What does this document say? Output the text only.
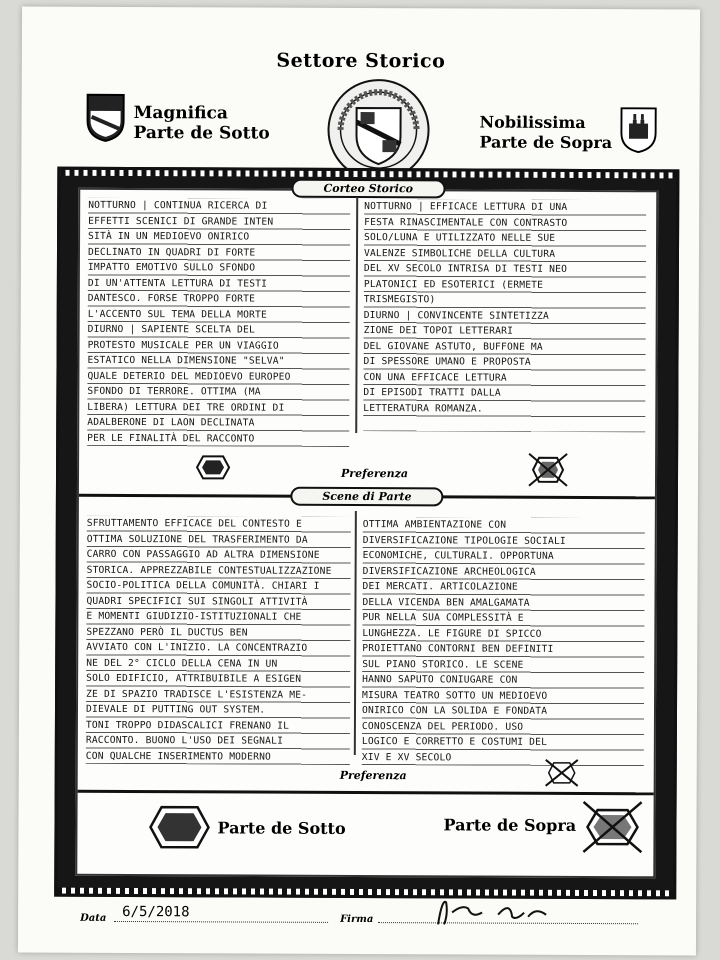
Settore Storico
Magnifica
Parte de Sotto
Nobilissima
Parte de Sopra
Corteo Storico
NOTTURNO | CONTINUA RICERCA DI
EFFETTI SCENICI DI GRANDE INTEN
SITÀ IN UN MEDIOEVO ONIRICO
DECLINATO IN QUADRI DI FORTE
IMPATTO EMOTIVO SULLO SFONDO
DI UN'ATTENTA LETTURA DI TESTI
DANTESCO. FORSE TROPPO FORTE
L'ACCENTO SUL TEMA DELLA MORTE
DIURNO | SAPIENTE SCELTA DEL
PROTESTO MUSICALE PER UN VIAGGIO
ESTATICO NELLA DIMENSIONE "SELVA"
QUALE DETERIO DEL MEDIOEVO EUROPEO
SFONDO DI TERRORE. OTTIMA (MA
LIBERA) LETTURA DEI TRE ORDINI DI
ADALBERONE DI LAON DECLINATA
PER LE FINALITÀ DEL RACCONTO
NOTTURNO | EFFICACE LETTURA DI UNA
FESTA RINASCIMENTALE CON CONTRASTO
SOLO/LUNA E UTILIZZATO NELLE SUE
VALENZE SIMBOLICHE DELLA CULTURA
DEL XV SECOLO INTRISA DI TESTI NEO
PLATONICI ED ESOTERICI (ERMETE
TRISMEGISTO)
DIURNO | CONVINCENTE SINTETIZZA
ZIONE DEI TOPOI LETTERARI
DEL GIOVANE ASTUTO, BUFFONE MA
DI SPESSORE UMANO E PROPOSTA
CON UNA EFFICACE LETTURA
DI EPISODI TRATTI DALLA
LETTERATURA ROMANZA.
Preferenza
Scene di Parte
SFRUTTAMENTO EFFICACE DEL CONTESTO E
OTTIMA SOLUZIONE DEL TRASFERIMENTO DA
CARRO CON PASSAGGIO AD ALTRA DIMENSIONE
STORICA. APPREZZABILE CONTESTUALIZZAZIONE
SOCIO-POLITICA DELLA COMUNITÀ. CHIARI I
QUADRI SPECIFICI SUI SINGOLI ATTIVITÀ
E MOMENTI GIUDIZIO-ISTITUZIONALI CHE
SPEZZANO PERÒ IL DUCTUS BEN
AVVIATO CON L'INIZIO. LA CONCENTRAZIO
NE DEL 2° CICLO DELLA CENA IN UN
SOLO EDIFICIO, ATTRIBUIBILE A ESIGEN
ZE DI SPAZIO TRADISCE L'ESISTENZA ME-
DIEVALE DI PUTTING OUT SYSTEM.
TONI TROPPO DIDASCALICI FRENANO IL
RACCONTO. BUONO L'USO DEI SEGNALI
CON QUALCHE INSERIMENTO MODERNO
OTTIMA AMBIENTAZIONE CON
DIVERSIFICAZIONE TIPOLOGIE SOCIALI
ECONOMICHE, CULTURALI. OPPORTUNA
DIVERSIFICAZIONE ARCHEOLOGICA
DEI MERCATI. ARTICOLAZIONE
DELLA VICENDA BEN AMALGAMATA
PUR NELLA SUA COMPLESSITÀ E
LUNGHEZZA. LE FIGURE DI SPICCO
PROIETTANO CONTORNI BEN DEFINITI
SUL PIANO STORICO. LE SCENE
HANNO SAPUTO CONIUGARE CON
MISURA TEATRO SOTTO UN MEDIOEVO
ONIRICO CON LA SOLIDA E FONDATA
CONOSCENZA DEL PERIODO. USO
LOGICO E CORRETTO E COSTUMI DEL
XIV E XV SECOLO
Preferenza
Parte de Sotto	Parte de Sopra
Data 6/5/2018	Firma
